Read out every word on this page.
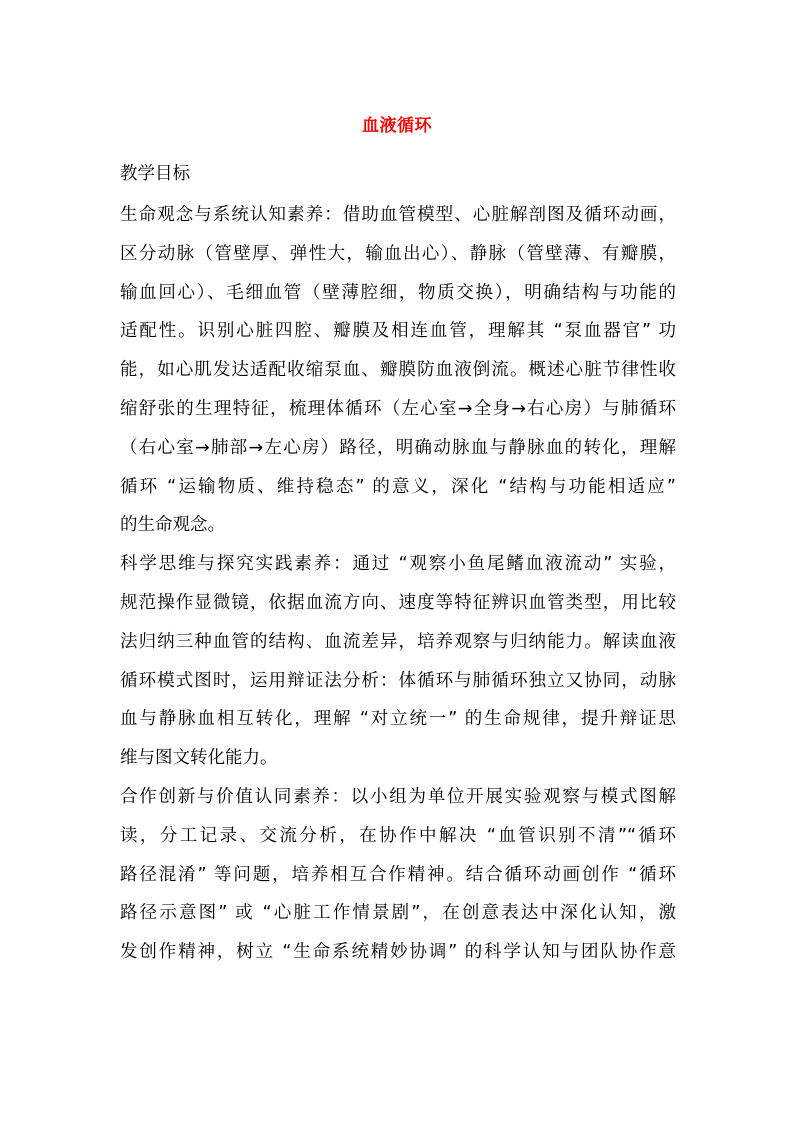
血液循环
教学目标
生命观念与系统认知素养：借助血管模型、心脏解剖图及循环动画，
区分动脉（管壁厚、弹性大，输血出心）、静脉（管壁薄、有瓣膜，
输血回心）、毛细血管（壁薄腔细，物质交换），明确结构与功能的
适配性。识别心脏四腔、瓣膜及相连血管，理解其 “泵血器官” 功
能，如心肌发达适配收缩泵血、瓣膜防血液倒流。概述心脏节律性收
缩舒张的生理特征，梳理体循环（左心室→全身→右心房）与肺循环
（右心室→肺部→左心房）路径，明确动脉血与静脉血的转化，理解
循环 “运输物质、维持稳态” 的意义，深化 “结构与功能相适应”
的生命观念。
科学思维与探究实践素养：通过 “观察小鱼尾鳍血液流动” 实验，
规范操作显微镜，依据血流方向、速度等特征辨识血管类型，用比较
法归纳三种血管的结构、血流差异，培养观察与归纳能力。解读血液
循环模式图时，运用辩证法分析：体循环与肺循环独立又协同，动脉
血与静脉血相互转化，理解 “对立统一” 的生命规律，提升辩证思
维与图文转化能力。
合作创新与价值认同素养：以小组为单位开展实验观察与模式图解
读，分工记录、交流分析，在协作中解决 “血管识别不清”“循环
路径混淆” 等问题，培养相互合作精神。结合循环动画创作 “循环
路径示意图” 或 “心脏工作情景剧”，在创意表达中深化认知，激
发创作精神，树立 “生命系统精妙协调” 的科学认知与团队协作意
